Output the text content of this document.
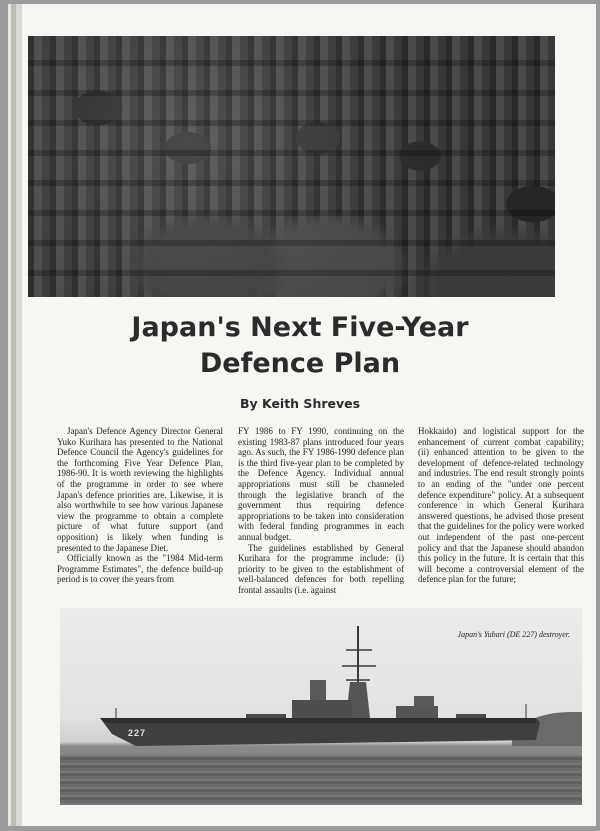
Japan's Next Five-Year
Defence Plan
By Keith Shreves

Japan's Defence Agency Director General Yuko Kurihara has presented to the National Defence Council the Agency's guidelines for the forthcoming Five Year Defence Plan, 1986-90. It is worth reviewing the highlights of the programme in order to see where Japan's defence priorities are. Likewise, it is also worthwhile to see how various Japanese view the programme to obtain a complete picture of what future support (and opposition) is likely when funding is presented to the Japanese Diet.

Officially known as the "1984 Mid-term Programme Estimates", the defence build-up period is to cover the years from

FY 1986 to FY 1990, continuing on the existing 1983-87 plans introduced four years ago. As such, the FY 1986-1990 defence plan is the third five-year plan to be completed by the Defence Agency. Individual annual appropriations must still be channeled through the legislative branch of the government thus requiring defence appropriations to be taken into consideration with federal funding programmes in each annual budget.

The guidelines established by General Kurihara for the programme include: (i) priority to be given to the establishment of well-balanced defences for both repelling frontal assaults (i.e. against

Hokkaido) and logistical support for the enhancement of current combat capability; (ii) enhanced attention to be given to the development of defence-related technology and industries. The end result strongly points to an ending of the "under one percent defence expenditure" policy. At a subsequent conference in which General Kurihara answered questions, he advised those present that the guidelines for the policy were worked out independent of the past one-percent policy and that the Japanese should abandon this policy in the future. It is certain that this will become a controversial element of the defence plan for the future;

Japan's Yubari (DE 227) destroyer.
227
